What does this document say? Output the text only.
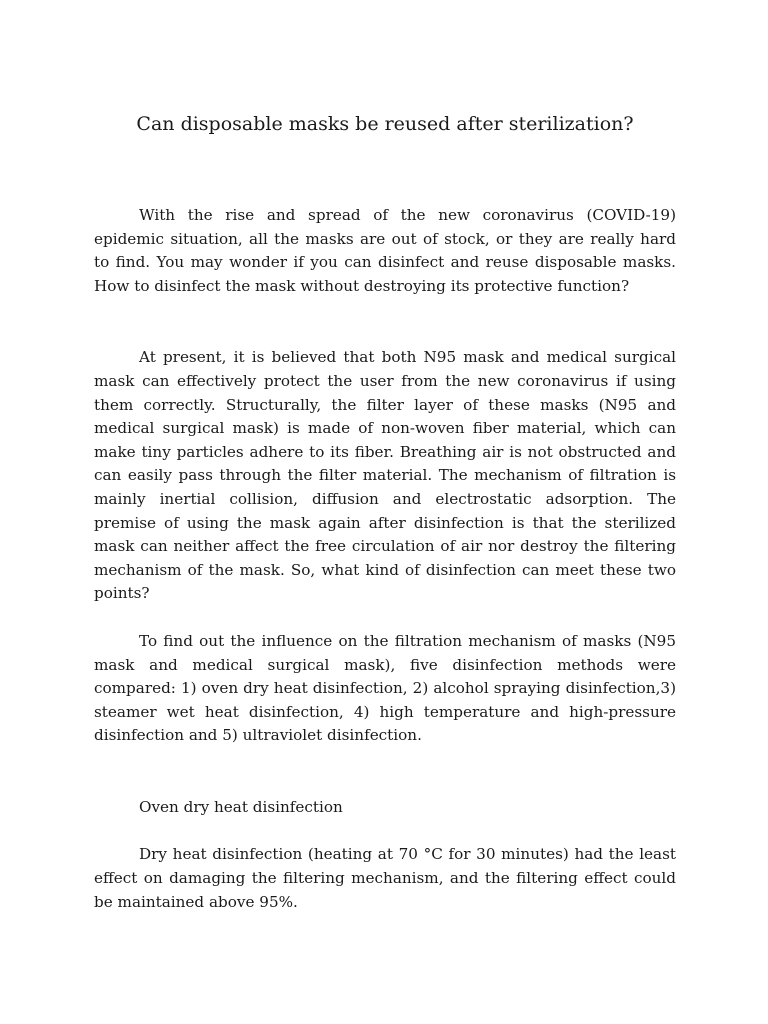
Can disposable masks be reused after sterilization?

With the rise and spread of the new coronavirus (COVID-19) epidemic situation, all the masks are out of stock, or they are really hard to find. You may wonder if you can disinfect and reuse disposable masks. How to disinfect the mask without destroying its protective function?

At present, it is believed that both N95 mask and medical surgical mask can effectively protect the user from the new coronavirus if using them correctly. Structurally, the filter layer of these masks (N95 and medical surgical mask) is made of non-woven fiber material, which can make tiny particles adhere to its fiber. Breathing air is not obstructed and can easily pass through the filter material. The mechanism of filtration is mainly inertial collision, diffusion and electrostatic adsorption. The premise of using the mask again after disinfection is that the sterilized mask can neither affect the free circulation of air nor destroy the filtering mechanism of the mask. So, what kind of disinfection can meet these two points?

To find out the influence on the filtration mechanism of masks (N95 mask and medical surgical mask), five disinfection methods were compared: 1) oven dry heat disinfection, 2) alcohol spraying disinfection,3) steamer wet heat disinfection, 4) high temperature and high-pressure disinfection and 5) ultraviolet disinfection.

Oven dry heat disinfection

Dry heat disinfection (heating at 70 °C for 30 minutes) had the least effect on damaging the filtering mechanism, and the filtering effect could be maintained above 95%.
